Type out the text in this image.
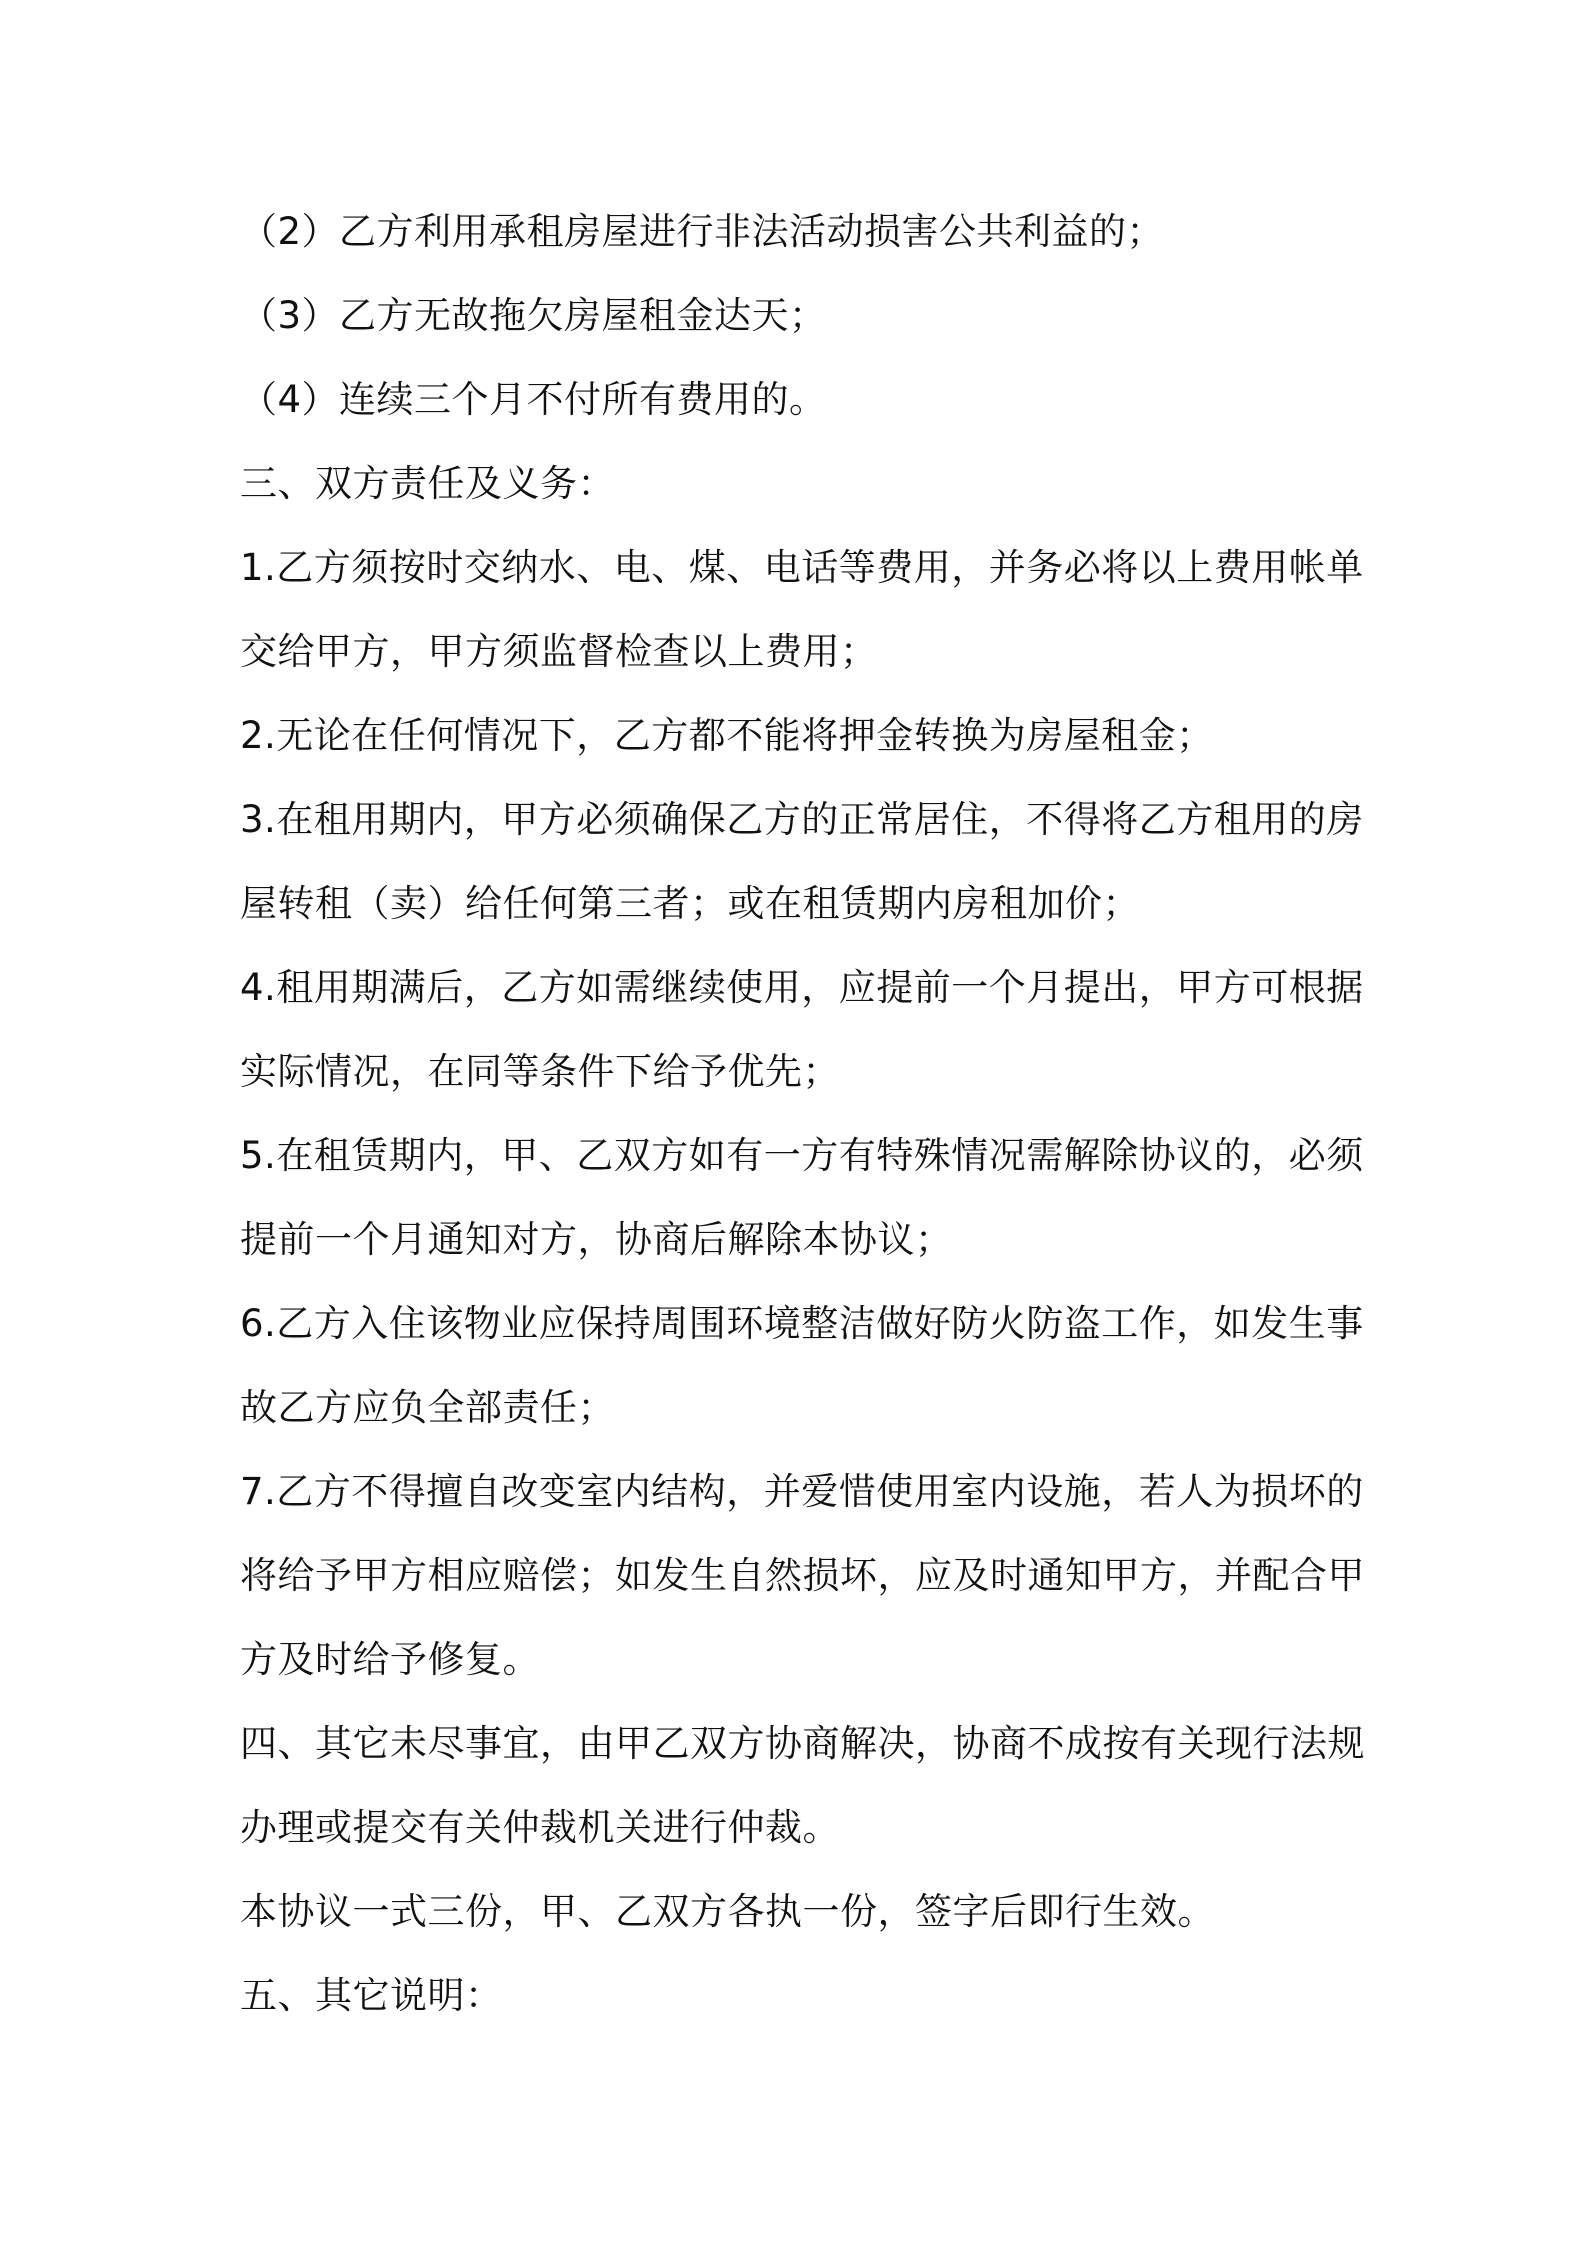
（2）乙方利用承租房屋进行非法活动损害公共利益的；
（3）乙方无故拖欠房屋租金达天；
（4）连续三个月不付所有费用的。
三、双方责任及义务：
1.乙方须按时交纳水、电、煤、电话等费用，并务必将以上费用帐单
交给甲方，甲方须监督检查以上费用；
2.无论在任何情况下，乙方都不能将押金转换为房屋租金；
3.在租用期内，甲方必须确保乙方的正常居住，不得将乙方租用的房
屋转租（卖）给任何第三者；或在租赁期内房租加价；
4.租用期满后，乙方如需继续使用，应提前一个月提出，甲方可根据
实际情况，在同等条件下给予优先；
5.在租赁期内，甲、乙双方如有一方有特殊情况需解除协议的，必须
提前一个月通知对方，协商后解除本协议；
6.乙方入住该物业应保持周围环境整洁做好防火防盗工作，如发生事
故乙方应负全部责任；
7.乙方不得擅自改变室内结构，并爱惜使用室内设施，若人为损坏的
将给予甲方相应赔偿；如发生自然损坏，应及时通知甲方，并配合甲
方及时给予修复。
四、其它未尽事宜，由甲乙双方协商解决，协商不成按有关现行法规
办理或提交有关仲裁机关进行仲裁。
本协议一式三份，甲、乙双方各执一份，签字后即行生效。
五、其它说明：
